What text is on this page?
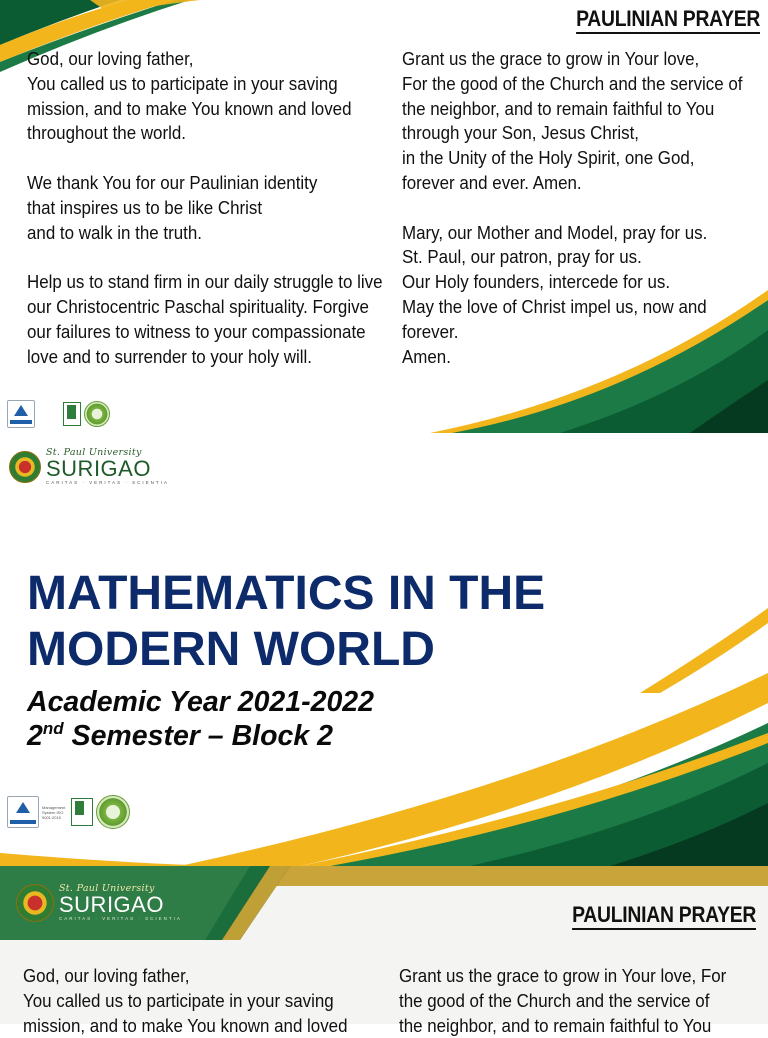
PAULINIAN PRAYER

God, our loving father,
You called us to participate in your saving mission, and to make You known and loved throughout the world.

We thank You for our Paulinian identity
that inspires us to be like Christ
and to walk in the truth.

Help us to stand firm in our daily struggle to live our Christocentric Paschal spirituality. Forgive our failures to witness to your compassionate love and to surrender to your holy will.

Grant us the grace to grow in Your love,
For the good of the Church and the service of the neighbor, and to remain faithful to You through your Son, Jesus Christ,
in the Unity of the Holy Spirit, one God,
forever and ever. Amen.

Mary, our Mother and Model, pray for us.
St. Paul, our patron, pray for us.
Our Holy founders, intercede for us.
May the love of Christ impel us, now and forever.
Amen.

St. Paul University
SURIGAO
CARITAS · VERITAS · SCIENTIA
MATHEMATICS IN THE
MODERN WORLD
Academic Year 2021-2022
2nd Semester – Block 2
Management System ISO 9001:2015
St. Paul University
SURIGAO
CARITAS · VERITAS · SCIENTIA	PAULINIAN PRAYER

God, our loving father,
You called us to participate in your saving
mission, and to make You known and loved

Grant us the grace to grow in Your love, For
the good of the Church and the service of
the neighbor, and to remain faithful to You
